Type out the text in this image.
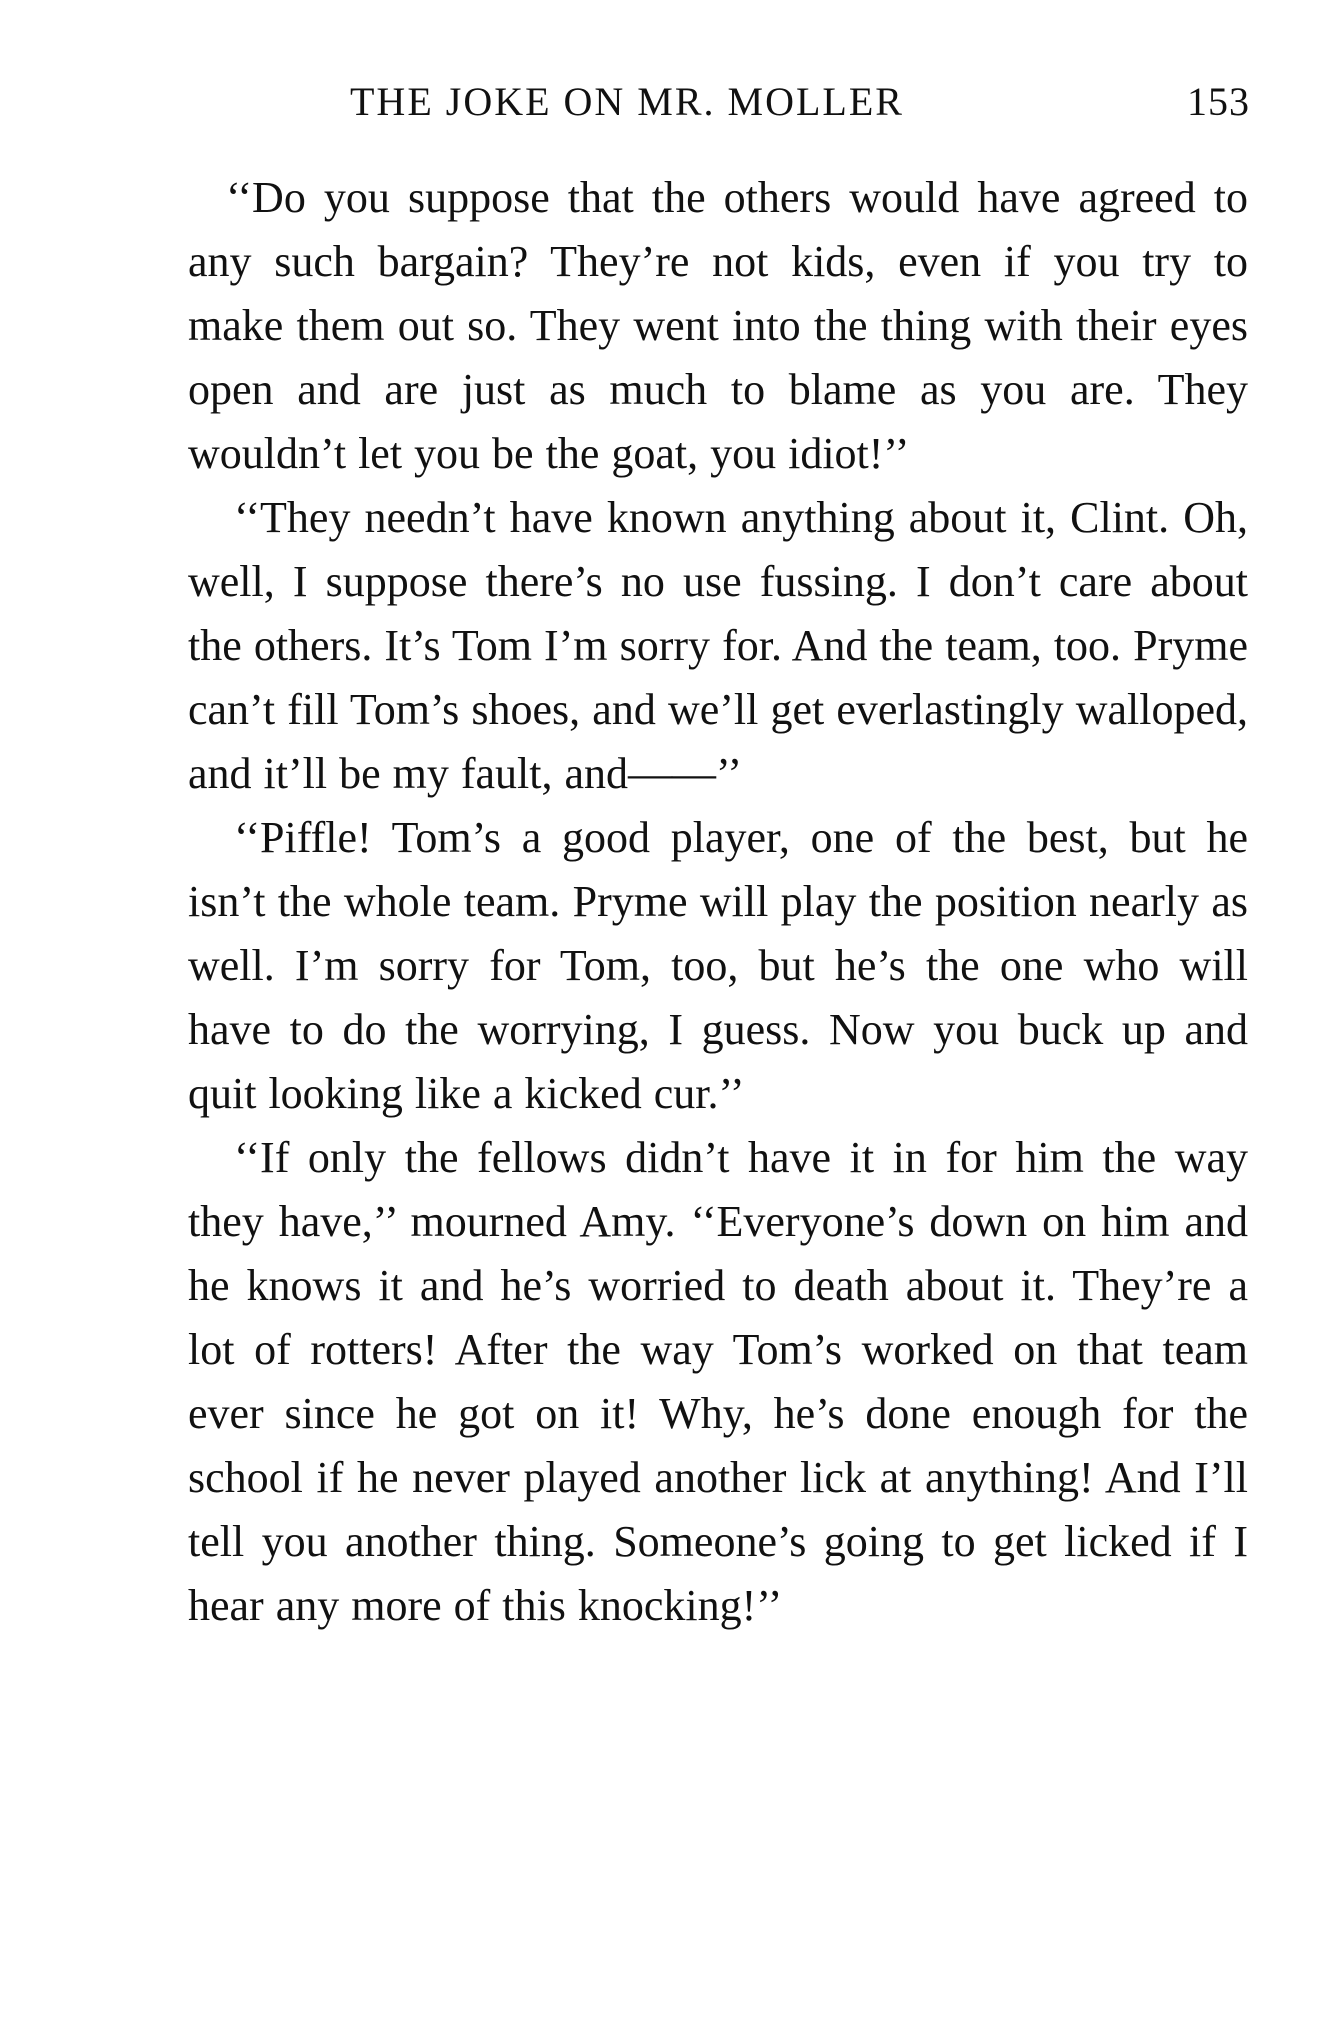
THE JOKE ON MR. MOLLER	153

‘‘Do you suppose that the others would have agreed to any such bargain? They’re not kids, even if you try to make them out so. They went into the thing with their eyes open and are just as much to blame as you are. They wouldn’t let you be the goat, you idiot!’’

‘‘They needn’t have known anything about it, Clint. Oh, well, I suppose there’s no use fussing. I don’t care about the others. It’s Tom I’m sorry for. And the team, too. Pryme can’t fill Tom’s shoes, and we’ll get everlastingly walloped, and it’ll be my fault, and——’’

‘‘Piffle! Tom’s a good player, one of the best, but he isn’t the whole team. Pryme will play the position nearly as well. I’m sorry for Tom, too, but he’s the one who will have to do the worrying, I guess. Now you buck up and quit looking like a kicked cur.’’

‘‘If only the fellows didn’t have it in for him the way they have,’’ mourned Amy. ‘‘Everyone’s down on him and he knows it and he’s worried to death about it. They’re a lot of rotters! After the way Tom’s worked on that team ever since he got on it! Why, he’s done enough for the school if he never played another lick at anything! And I’ll tell you another thing. Someone’s going to get licked if I hear any more of this knocking!’’
